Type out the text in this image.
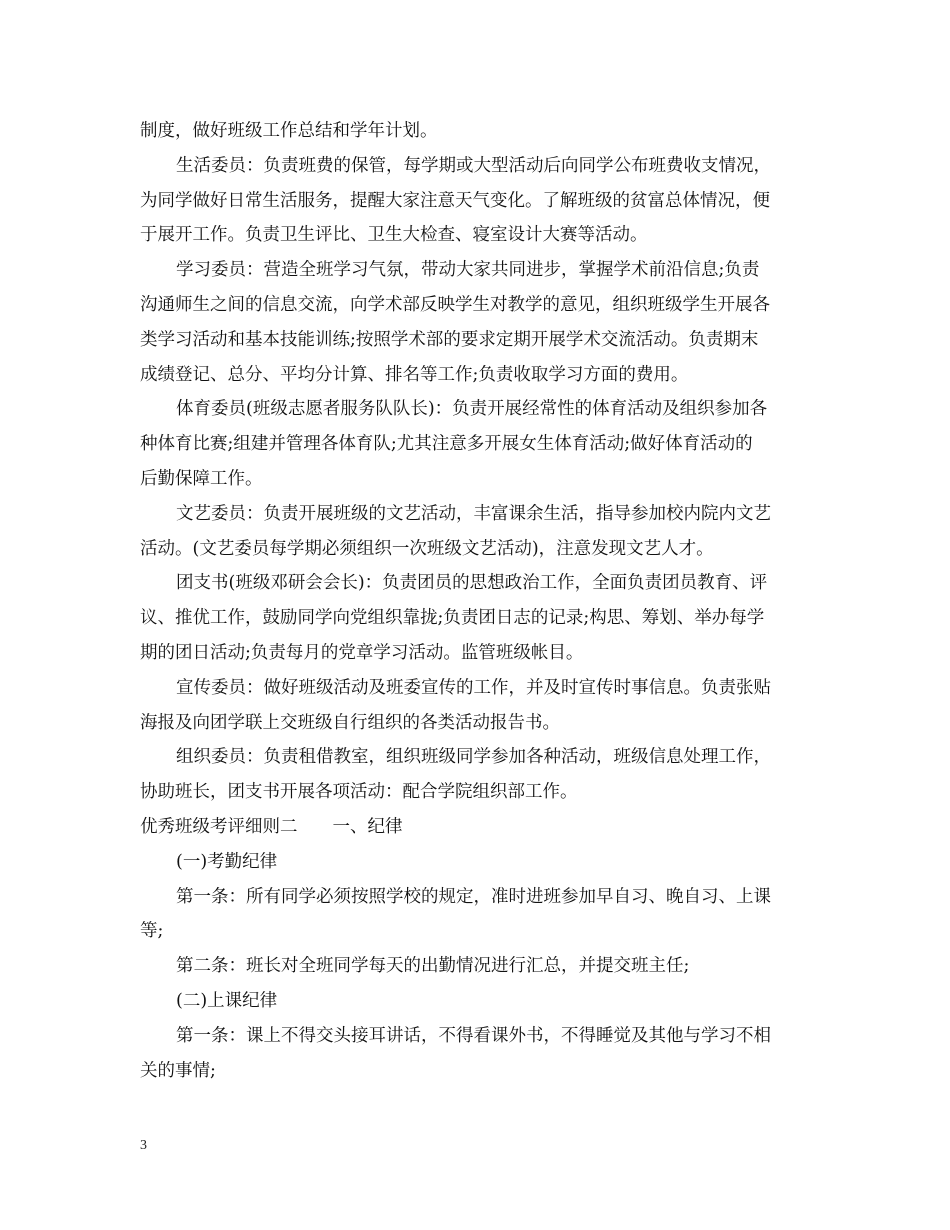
制度，做好班级工作总结和学年计划。
生活委员：负责班费的保管，每学期或大型活动后向同学公布班费收支情况，
为同学做好日常生活服务，提醒大家注意天气变化。了解班级的贫富总体情况，便
于展开工作。负责卫生评比、卫生大检查、寝室设计大赛等活动。
学习委员：营造全班学习气氛，带动大家共同进步，掌握学术前沿信息;负责
沟通师生之间的信息交流，向学术部反映学生对教学的意见，组织班级学生开展各
类学习活动和基本技能训练;按照学术部的要求定期开展学术交流活动。负责期末
成绩登记、总分、平均分计算、排名等工作;负责收取学习方面的费用。
体育委员(班级志愿者服务队队长)：负责开展经常性的体育活动及组织参加各
种体育比赛;组建并管理各体育队;尤其注意多开展女生体育活动;做好体育活动的
后勤保障工作。
文艺委员：负责开展班级的文艺活动，丰富课余生活，指导参加校内院内文艺
活动。(文艺委员每学期必须组织一次班级文艺活动)，注意发现文艺人才。
团支书(班级邓研会会长)：负责团员的思想政治工作，全面负责团员教育、评
议、推优工作，鼓励同学向党组织靠拢;负责团日志的记录;构思、筹划、举办每学
期的团日活动;负责每月的党章学习活动。监管班级帐目。
宣传委员：做好班级活动及班委宣传的工作，并及时宣传时事信息。负责张贴
海报及向团学联上交班级自行组织的各类活动报告书。
组织委员：负责租借教室，组织班级同学参加各种活动，班级信息处理工作，
协助班长，团支书开展各项活动：配合学院组织部工作。
优秀班级考评细则二　　一、纪律
(一)考勤纪律
第一条：所有同学必须按照学校的规定，准时进班参加早自习、晚自习、上课
等;
第二条：班长对全班同学每天的出勤情况进行汇总，并提交班主任;
(二)上课纪律
第一条：课上不得交头接耳讲话，不得看课外书，不得睡觉及其他与学习不相
关的事情;
3
